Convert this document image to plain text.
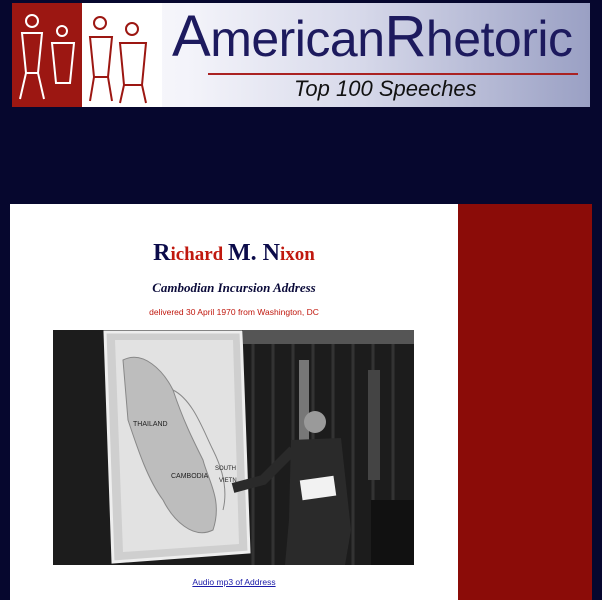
AmericanRhetoric
Top 100 Speeches
Richard M. Nixon
Cambodian Incursion Address
delivered 30 April 1970 from Washington, DC
THAILAND
CAMBODIA
SOUTH
VIETN
Audio mp3 of Address
